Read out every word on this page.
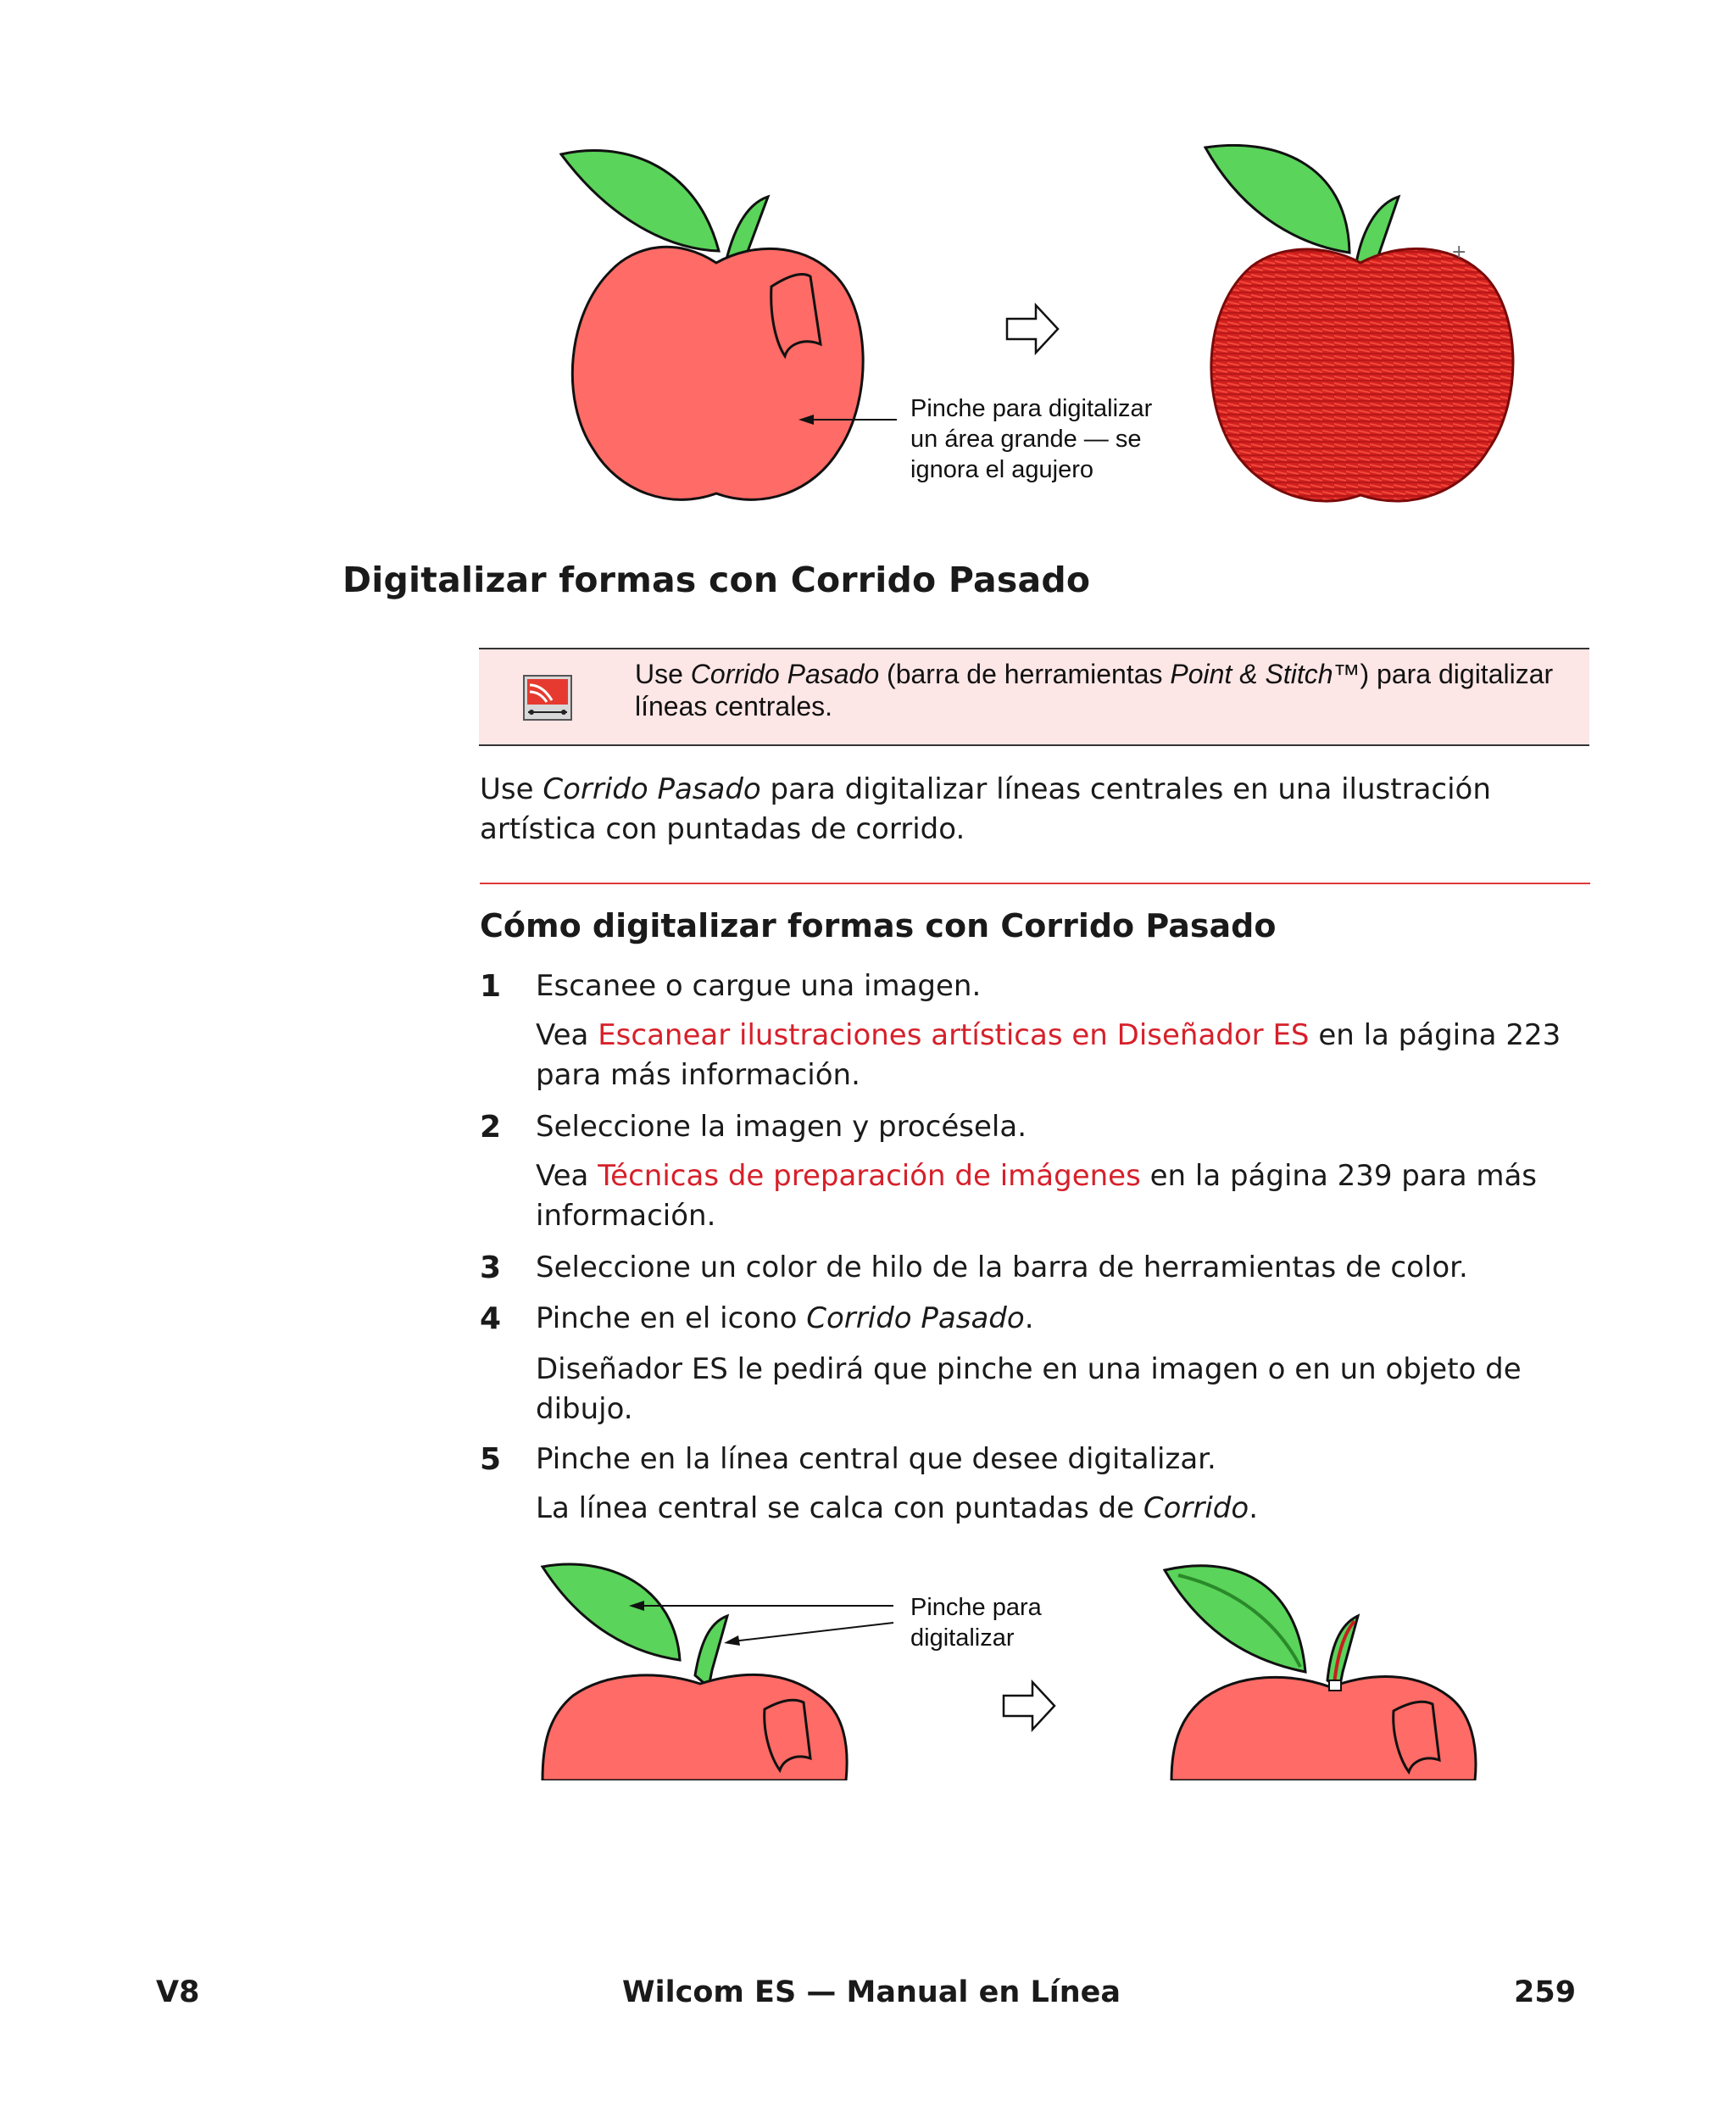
Pinche para digitalizar
un área grande — se
ignora el agujero
+
Digitalizar formas con Corrido Pasado
Use Corrido Pasado (barra de herramientas Point & Stitch™) para digitalizar líneas centrales.

Use Corrido Pasado para digitalizar líneas centrales en una ilustración artística con puntadas de corrido.

Cómo digitalizar formas con Corrido Pasado
1 Escanee o cargue una imagen.
Vea Escanear ilustraciones artísticas en Diseñador ES en la página 223 para más información.
2 Seleccione la imagen y procésela.
Vea Técnicas de preparación de imágenes en la página 239 para más información.
3 Seleccione un color de hilo de la barra de herramientas de color.
4 Pinche en el icono Corrido Pasado.
Diseñador ES le pedirá que pinche en una imagen o en un objeto de dibujo.
5 Pinche en la línea central que desee digitalizar.
La línea central se calca con puntadas de Corrido.
Pinche para
digitalizar
V8	Wilcom ES — Manual en Línea	259
